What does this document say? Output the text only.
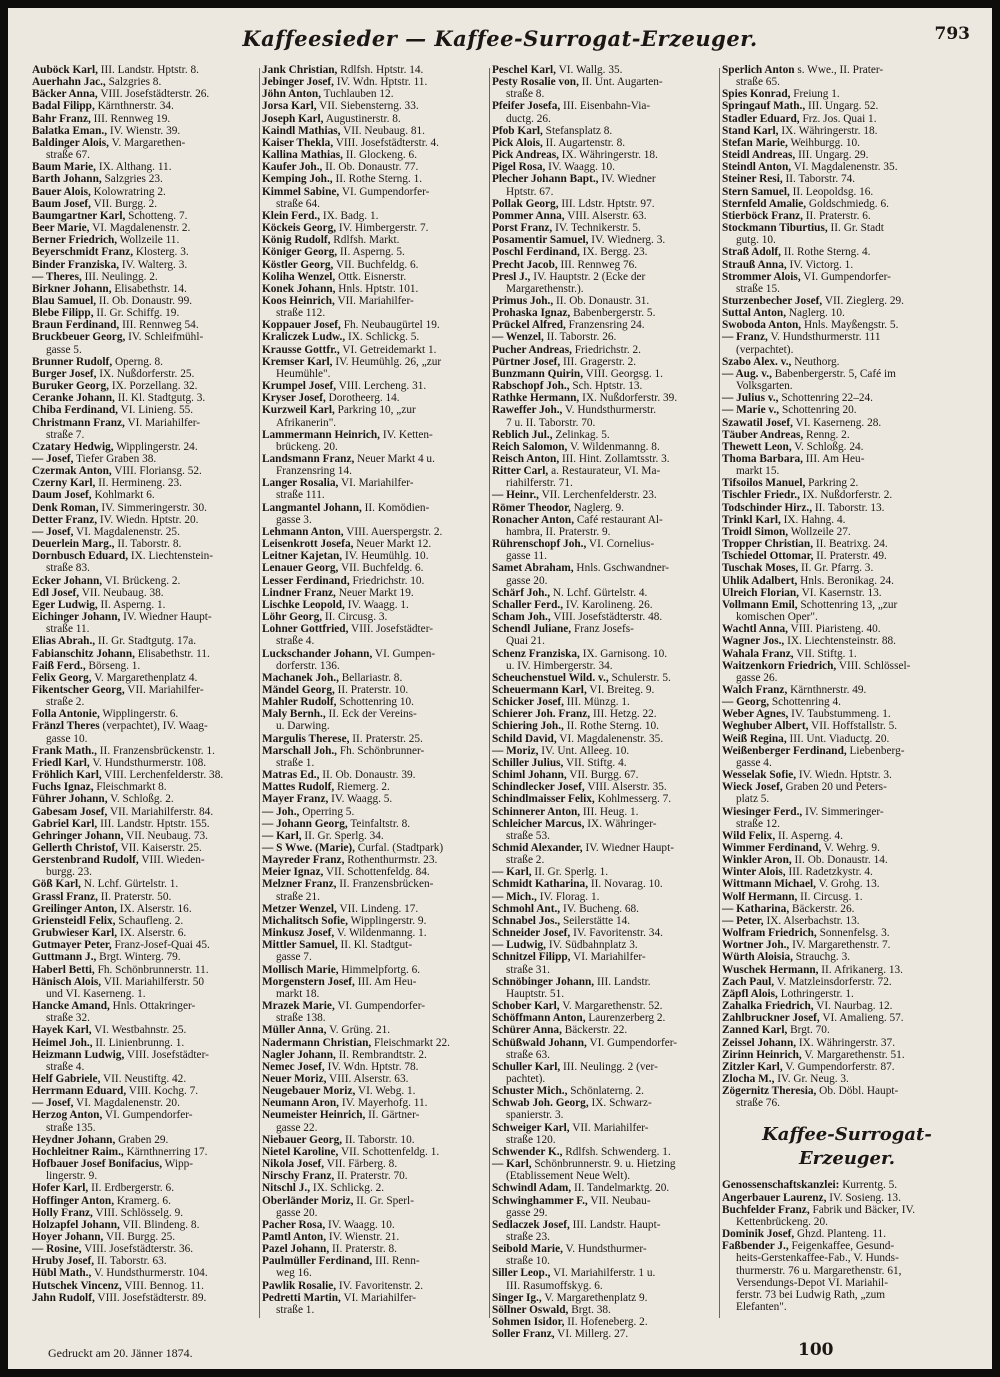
Kaffeesieder — Kaffee-Surrogat-Erzeuger.	793
Auböck Karl, III. Landstr. Hptstr. 8.
Auerhahn Jac., Salzgries 8.
Bäcker Anna, VIII. Josefstädterstr. 26.
Badal Filipp, Kärnthnerstr. 34.
Bahr Franz, III. Rennweg 19.
Balatka Eman., IV. Wienstr. 39.
Baldinger Alois, V. Margarethen-
straße 67.
Baum Marie, IX. Althang. 11.
Barth Johann, Salzgries 23.
Bauer Alois, Kolowratring 2.
Baum Josef, VII. Burgg. 2.
Baumgartner Karl, Schotteng. 7.
Beer Marie, VI. Magdalenenstr. 2.
Berner Friedrich, Wollzeile 11.
Beyerschmidt Franz, Klosterg. 3.
Binder Franziska, IV. Walterg. 3.
— Theres, III. Neulingg. 2.
Birkner Johann, Elisabethstr. 14.
Blau Samuel, II. Ob. Donaustr. 99.
Blebe Filipp, II. Gr. Schiffg. 19.
Braun Ferdinand, III. Rennweg 54.
Bruckbeuer Georg, IV. Schleifmühl-
gasse 5.
Brunner Rudolf, Operng. 8.
Burger Josef, IX. Nußdorferstr. 25.
Buruker Georg, IX. Porzellang. 32.
Ceranke Johann, II. Kl. Stadtgutg. 3.
Chiba Ferdinand, VI. Linieng. 55.
Christmann Franz, VI. Mariahilfer-
straße 7.
Czatary Hedwig, Wipplingerstr. 24.
— Josef, Tiefer Graben 38.
Czermak Anton, VIII. Floriansg. 52.
Czerny Karl, II. Hermineng. 23.
Daum Josef, Kohlmarkt 6.
Denk Roman, IV. Simmeringerstr. 30.
Detter Franz, IV. Wiedn. Hptstr. 20.
— Josef, VI. Magdalenenstr. 25.
Deuerlein Marg., II. Taborstr. 8.
Dornbusch Eduard, IX. Liechtenstein-
straße 83.
Ecker Johann, VI. Brückeng. 2.
Edl Josef, VII. Neubaug. 38.
Eger Ludwig, II. Asperng. 1.
Eichinger Johann, IV. Wiedner Haupt-
straße 11.
Elias Abrah., II. Gr. Stadtgutg. 17a.
Fabianschitz Johann, Elisabethstr. 11.
Faiß Ferd., Börseng. 1.
Felix Georg, V. Margarethenplatz 4.
Fikentscher Georg, VII. Mariahilfer-
straße 2.
Folla Antonie, Wipplingerstr. 6.
Fränzl Theres (verpachtet), IV. Waag-
gasse 10.
Frank Math., II. Franzensbrückenstr. 1.
Friedl Karl, V. Hundsthurmerstr. 108.
Fröhlich Karl, VIII. Lerchenfelderstr. 38.
Fuchs Ignaz, Fleischmarkt 8.
Führer Johann, V. Schloßg. 2.
Gabesam Josef, VII. Mariahilferstr. 84.
Gabriel Karl, III. Landstr. Hptstr. 155.
Gehringer Johann, VII. Neubaug. 73.
Gellerth Christof, VII. Kaiserstr. 25.
Gerstenbrand Rudolf, VIII. Wieden-
burgg. 23.
Göß Karl, N. Lchf. Gürtelstr. 1.
Grassl Franz, II. Praterstr. 50.
Greilinger Anton, IX. Alserstr. 16.
Griensteidl Felix, Schaufleng. 2.
Grubwieser Karl, IX. Alserstr. 6.
Gutmayer Peter, Franz-Josef-Quai 45.
Guttmann J., Brgt. Winterg. 79.
Haberl Betti, Fh. Schönbrunnerstr. 11.
Hänisch Alois, VII. Mariahilferstr. 50
und VI. Kaserneng. 1.
Hancke Amand, Hnls. Ottakringer-
straße 32.
Hayek Karl, VI. Westbahnstr. 25.
Heimel Joh., II. Linienbrunng. 1.
Heizmann Ludwig, VIII. Josefstädter-
straße 4.
Helf Gabriele, VII. Neustiftg. 42.
Herrmann Eduard, VIII. Kochg. 7.
— Josef, VI. Magdalenenstr. 20.
Herzog Anton, VI. Gumpendorfer-
straße 135.
Heydner Johann, Graben 29.
Hochleitner Raim., Kärnthnerring 17.
Hofbauer Josef Bonifacius, Wipp-
lingerstr. 9.
Hofer Karl, II. Erdbergerstr. 6.
Hoffinger Anton, Kramerg. 6.
Holly Franz, VIII. Schlösselg. 9.
Holzapfel Johann, VII. Blindeng. 8.
Hoyer Johann, VII. Burgg. 25.
— Rosine, VIII. Josefstädterstr. 36.
Hruby Josef, II. Taborstr. 63.
Hübl Math., V. Hundsthurmerstr. 104.
Hutschek Vincenz, VIII. Bennog. 11.
Jahn Rudolf, VIII. Josefstädterstr. 89.
Jank Christian, Rdlfsh. Hptstr. 14.
Jebinger Josef, IV. Wdn. Hptstr. 11.
Jöhn Anton, Tuchlauben 12.
Jorsa Karl, VII. Siebensterng. 33.
Joseph Karl, Augustinerstr. 8.
Kaindl Mathias, VII. Neubaug. 81.
Kaiser Thekla, VIII. Josefstädterstr. 4.
Kallina Mathias, II. Glockeng. 6.
Kaufer Joh., II. Ob. Donaustr. 77.
Kemping Joh., II. Rothe Sterng. 1.
Kimmel Sabine, VI. Gumpendorfer-
straße 64.
Klein Ferd., IX. Badg. 1.
Köckeis Georg, IV. Himbergerstr. 7.
König Rudolf, Rdlfsh. Markt.
Königer Georg, II. Asperng. 5.
Köstler Georg, VII. Buchfeldg. 6.
Koliha Wenzel, Ottk. Eisnerstr.
Konek Johann, Hnls. Hptstr. 101.
Koos Heinrich, VII. Mariahilfer-
straße 112.
Koppauer Josef, Fh. Neubaugürtel 19.
Kraliczek Ludw., IX. Schlickg. 5.
Krausse Gottfr., VI. Getreidemarkt 1.
Kremser Karl, IV. Heumühlg. 26, „zur
Heumühle".
Krumpel Josef, VIII. Lercheng. 31.
Kryser Josef, Dorotheerg. 14.
Kurzweil Karl, Parkring 10, „zur
Afrikanerin".
Lammermann Heinrich, IV. Ketten-
brückeng. 20.
Landsmann Franz, Neuer Markt 4 u.
Franzensring 14.
Langer Rosalia, VI. Mariahilfer-
straße 111.
Langmantel Johann, II. Komödien-
gasse 3.
Lehmann Anton, VIII. Auerspergstr. 2.
Leisenkrott Josefa, Neuer Markt 12.
Leitner Kajetan, IV. Heumühlg. 10.
Lenauer Georg, VII. Buchfeldg. 6.
Lesser Ferdinand, Friedrichstr. 10.
Lindner Franz, Neuer Markt 19.
Lischke Leopold, IV. Waagg. 1.
Löhr Georg, II. Circusg. 3.
Lohner Gottfried, VIII. Josefstädter-
straße 4.
Luckschander Johann, VI. Gumpen-
dorferstr. 136.
Machanek Joh., Bellariastr. 8.
Mändel Georg, II. Praterstr. 10.
Mahler Rudolf, Schottenring 10.
Maly Bernh., II. Eck der Vereins-
u. Darwing.
Margulis Therese, II. Praterstr. 25.
Marschall Joh., Fh. Schönbrunner-
straße 1.
Matras Ed., II. Ob. Donaustr. 39.
Mattes Rudolf, Riemerg. 2.
Mayer Franz, IV. Waagg. 5.
— Joh., Operring 5.
— Johann Georg, Teinfaltstr. 8.
— Karl, II. Gr. Sperlg. 34.
— S Wwe. (Marie), Curfal. (Stadtpark)
Mayreder Franz, Rothenthurmstr. 23.
Meier Ignaz, VII. Schottenfeldg. 84.
Melzner Franz, II. Franzensbrücken-
straße 21.
Metzer Wenzel, VII. Lindeng. 17.
Michalitsch Sofie, Wipplingerstr. 9.
Minkusz Josef, V. Wildenmanng. 1.
Mittler Samuel, II. Kl. Stadtgut-
gasse 7.
Mollisch Marie, Himmelpfortg. 6.
Morgenstern Josef, III. Am Heu-
markt 18.
Mrazek Marie, VI. Gumpendorfer-
straße 138.
Müller Anna, V. Grüng. 21.
Nadermann Christian, Fleischmarkt 22.
Nagler Johann, II. Rembrandtstr. 2.
Nemec Josef, IV. Wdn. Hptstr. 78.
Neuer Moriz, VIII. Alserstr. 63.
Neugebauer Moriz, VI. Webg. 1.
Neumann Aron, IV. Mayerhofg. 11.
Neumeister Heinrich, II. Gärtner-
gasse 22.
Niebauer Georg, II. Taborstr. 10.
Nietel Karoline, VII. Schottenfeldg. 1.
Nikola Josef, VII. Färberg. 8.
Nirschy Franz, II. Praterstr. 70.
Nitschl J., IX. Schlickg. 2.
Oberländer Moriz, II. Gr. Sperl-
gasse 20.
Pacher Rosa, IV. Waagg. 10.
Pamtl Anton, IV. Wienstr. 21.
Pazel Johann, II. Praterstr. 8.
Paulmüller Ferdinand, III. Renn-
weg 16.
Pawlik Rosalie, IV. Favoritenstr. 2.
Pedretti Martin, VI. Mariahilfer-
straße 1.
Peschel Karl, VI. Wallg. 35.
Pesty Rosalie von, II. Unt. Augarten-
straße 8.
Pfeifer Josefa, III. Eisenbahn-Via-
ductg. 26.
Pfob Karl, Stefansplatz 8.
Pick Alois, II. Augartenstr. 8.
Pick Andreas, IX. Währingerstr. 18.
Pigel Rosa, IV. Waagg. 10.
Plecher Johann Bapt., IV. Wiedner
Hptstr. 67.
Pollak Georg, III. Ldstr. Hptstr. 97.
Pommer Anna, VIII. Alserstr. 63.
Porst Franz, IV. Technikerstr. 5.
Posamentir Samuel, IV. Wiednerg. 3.
Poschl Ferdinand, IX. Bergg. 23.
Precht Jacob, III. Rennweg 76.
Presl J., IV. Hauptstr. 2 (Ecke der
Margarethenstr.).
Primus Joh., II. Ob. Donaustr. 31.
Prohaska Ignaz, Babenbergerstr. 5.
Prückel Alfred, Franzensring 24.
— Wenzel, II. Taborstr. 26.
Pucher Andreas, Friedrichstr. 2.
Pürtner Josef, III. Gragerstr. 2.
Bunzmann Quirin, VIII. Georgsg. 1.
Rabschopf Joh., Sch. Hptstr. 13.
Rathke Hermann, IX. Nußdorferstr. 39.
Raweffer Joh., V. Hundsthurmerstr.
7 u. II. Taborstr. 70.
Reblich Jul., Zelinkag. 5.
Reich Salomon, V. Wildenmanng. 8.
Reisch Anton, III. Hint. Zollamtsstr. 3.
Ritter Carl, a. Restaurateur, VI. Ma-
riahilferstr. 71.
— Heinr., VII. Lerchenfelderstr. 23.
Römer Theodor, Naglerg. 9.
Ronacher Anton, Café restaurant Al-
hambra, II. Praterstr. 9.
Rührenschopf Joh., VI. Cornelius-
gasse 11.
Samet Abraham, Hnls. Gschwandner-
gasse 20.
Schärf Joh., N. Lchf. Gürtelstr. 4.
Schaller Ferd., IV. Karolineng. 26.
Scham Joh., VIII. Josefstädterstr. 48.
Schendl Juliane, Franz Josefs-
Quai 21.
Schenz Franziska, IX. Garnisong. 10.
u. IV. Himbergerstr. 34.
Scheuchenstuel Wild. v., Schulerstr. 5.
Scheuermann Karl, VI. Breiteg. 9.
Schicker Josef, III. Münzg. 1.
Schierer Joh. Franz, III. Hetzg. 22.
Schiering Joh., II. Rothe Sterng. 10.
Schild David, VI. Magdalenenstr. 35.
— Moriz, IV. Unt. Alleeg. 10.
Schiller Julius, VII. Stiftg. 4.
Schiml Johann, VII. Burgg. 67.
Schindlecker Josef, VIII. Alserstr. 35.
Schindlmaisser Felix, Kohlmesserg. 7.
Schinnerer Anton, III. Heug. 1.
Schleicher Marcus, IX. Währinger-
straße 53.
Schmid Alexander, IV. Wiedner Haupt-
straße 2.
— Karl, II. Gr. Sperlg. 1.
Schmidt Katharina, II. Novarag. 10.
— Mich., IV. Florag. 1.
Schmohl Ant., IV. Bucheng. 68.
Schnabel Jos., Seilerstätte 14.
Schneider Josef, IV. Favoritenstr. 34.
— Ludwig, IV. Südbahnplatz 3.
Schnitzel Filipp, VI. Mariahilfer-
straße 31.
Schnöbinger Johann, III. Landstr.
Hauptstr. 51.
Schober Karl, V. Margarethenstr. 52.
Schöffmann Anton, Laurenzerberg 2.
Schürer Anna, Bäckerstr. 22.
Schüßwald Johann, VI. Gumpendorfer-
straße 63.
Schuller Karl, III. Neulingg. 2 (ver-
pachtet).
Schuster Mich., Schönlaterng. 2.
Schwab Joh. Georg, IX. Schwarz-
spanierstr. 3.
Schweiger Karl, VII. Mariahilfer-
straße 120.
Schwender K., Rdlfsh. Schwenderg. 1.
— Karl, Schönbrunnerstr. 9. u. Hietzing
(Etablissement Neue Welt).
Schwindl Adam, II. Tandelmarktg. 20.
Schwinghammer F., VII. Neubau-
gasse 29.
Sedlaczek Josef, III. Landstr. Haupt-
straße 23.
Seibold Marie, V. Hundsthurmer-
straße 10.
Siller Leop., VI. Mariahilferstr. 1 u.
III. Rasumoffskyg. 6.
Singer Ig., V. Margarethenplatz 9.
Söllner Oswald, Brgt. 38.
Sohmen Isidor, II. Hofeneberg. 2.
Soller Franz, VI. Millerg. 27.
Sperlich Anton s. Wwe., II. Prater-
straße 65.
Spies Konrad, Freiung 1.
Springauf Math., III. Ungarg. 52.
Stadler Eduard, Frz. Jos. Quai 1.
Stand Karl, IX. Währingerstr. 18.
Stefan Marie, Weihburgg. 10.
Steidl Andreas, III. Ungarg. 29.
Steindl Anton, VI. Magdalenenstr. 35.
Steiner Resi, II. Taborstr. 74.
Stern Samuel, II. Leopoldsg. 16.
Sternfeld Amalie, Goldschmiedg. 6.
Stierböck Franz, II. Praterstr. 6.
Stockmann Tiburtius, II. Gr. Stadt
gutg. 10.
Straß Adolf, II. Rothe Sterng. 4.
Strauß Anna, IV. Victorg. 1.
Strommer Alois, VI. Gumpendorfer-
straße 15.
Sturzenbecher Josef, VII. Zieglerg. 29.
Suttal Anton, Naglerg. 10.
Swoboda Anton, Hnls. Mayßengstr. 5.
— Franz, V. Hundsthurmerstr. 111
(verpachtet).
Szabo Alex. v., Neuthorg.
— Aug. v., Babenbergerstr. 5, Café im
Volksgarten.
— Julius v., Schottenring 22–24.
— Marie v., Schottenring 20.
Szawatil Josef, VI. Kaserneng. 28.
Täuber Andreas, Renng. 2.
Thewett Leon, V. Schloßg. 24.
Thoma Barbara, III. Am Heu-
markt 15.
Tifsoilos Manuel, Parkring 2.
Tischler Friedr., IX. Nußdorferstr. 2.
Todschinder Hirz., II. Taborstr. 13.
Trinkl Karl, IX. Hahng. 4.
Troidl Simon, Wollzeile 27.
Tropper Christian, II. Beatrixg. 24.
Tschiedel Ottomar, II. Praterstr. 49.
Tuschak Moses, II. Gr. Pfarrg. 3.
Uhlik Adalbert, Hnls. Beronikag. 24.
Ulreich Florian, VI. Kasernstr. 13.
Vollmann Emil, Schottenring 13, „zur
komischen Oper".
Wachtl Anna, VIII. Piaristeng. 40.
Wagner Jos., IX. Liechtensteinstr. 88.
Wahala Franz, VII. Stiftg. 1.
Waitzenkorn Friedrich, VIII. Schlössel-
gasse 26.
Walch Franz, Kärnthnerstr. 49.
— Georg, Schottenring 4.
Weber Agnes, IV. Taubstummeng. 1.
Weghuber Albert, VII. Hoffstallstr. 5.
Weiß Regina, III. Unt. Viaductg. 20.
Weißenberger Ferdinand, Liebenberg-
gasse 4.
Wesselak Sofie, IV. Wiedn. Hptstr. 3.
Wieck Josef, Graben 20 und Peters-
platz 5.
Wiesinger Ferd., IV. Simmeringer-
straße 12.
Wild Felix, II. Asperng. 4.
Wimmer Ferdinand, V. Wehrg. 9.
Winkler Aron, II. Ob. Donaustr. 14.
Winter Alois, III. Radetzkystr. 4.
Wittmann Michael, V. Grohg. 13.
Wolf Hermann, II. Circusg. 1.
— Katharina, Bäckerstr. 26.
— Peter, IX. Alserbachstr. 13.
Wolfram Friedrich, Sonnenfelsg. 3.
Wortner Joh., IV. Margarethenstr. 7.
Würth Aloisia, Strauchg. 3.
Wuschek Hermann, II. Afrikanerg. 13.
Zach Paul, V. Matzleinsdorferstr. 72.
Zäpfl Alois, Lothringerstr. 1.
Zahalka Friedrich, VI. Naurbag. 12.
Zahlbruckner Josef, VI. Amalieng. 57.
Zanned Karl, Brgt. 70.
Zeissel Johann, IX. Währingerstr. 37.
Zirinn Heinrich, V. Margarethenstr. 51.
Zitzler Karl, V. Gumpendorferstr. 87.
Zlocha M., IV. Gr. Neug. 3.
Zögernitz Theresia, Ob. Döbl. Haupt-
straße 76.
Kaffee-Surrogat-
Erzeuger.
Genossenschaftskanzlei: Kurrentg. 5.
Angerbauer Laurenz, IV. Sosieng. 13.
Buchfelder Franz, Fabrik und Bäcker, IV.
Kettenbrückeng. 20.
Dominik Josef, Ghzd. Planteng. 11.
Faßbender J., Feigenkaffee, Gesund-
heits-Gerstenkaffee-Fab., V. Hunds-
thurmerstr. 76 u. Margarethenstr. 61,
Versendungs-Depot VI. Mariahil-
ferstr. 73 bei Ludwig Rath, „zum
Elefanten".
Gedruckt am 20. Jänner 1874.	100
